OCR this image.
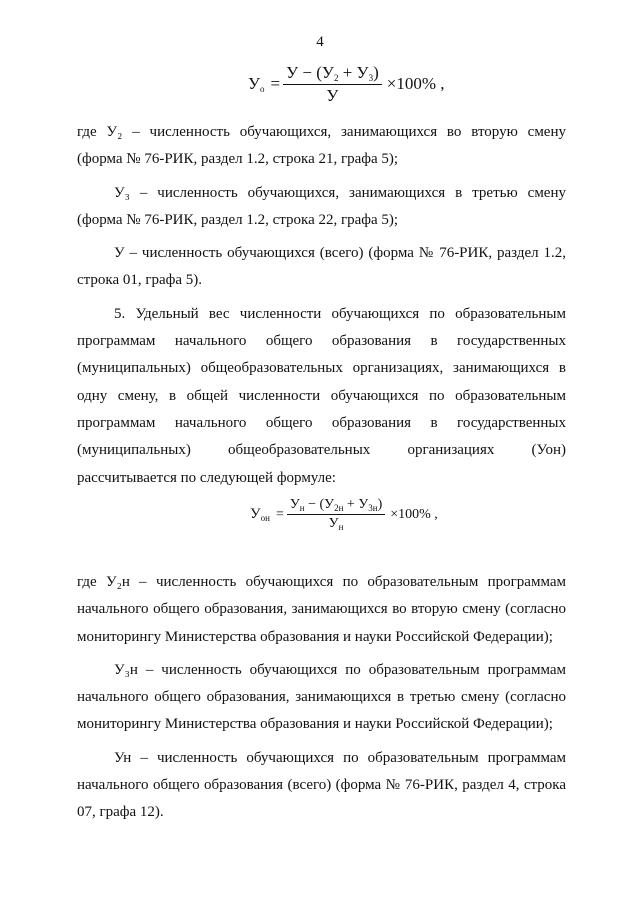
4
$У_о = \frac{У - (У_2 + У_3)}{У} \times 100\%$ ,

где У₂ – численность обучающихся, занимающихся во вторую смену (форма № 76-РИК, раздел 1.2, строка 21, графа 5);

У₃ – численность обучающихся, занимающихся в третью смену (форма № 76-РИК, раздел 1.2, строка 22, графа 5);

У – численность обучающихся (всего) (форма № 76-РИК, раздел 1.2, строка 01, графа 5).

5. Удельный вес численности обучающихся по образовательным программам начального общего образования в государственных (муниципальных) общеобразовательных организациях, занимающихся в одну смену, в общей численности обучающихся по образовательным программам начального общего образования в государственных (муниципальных) общеобразовательных организациях (Уон) рассчитывается по следующей формуле:

$У_{он} = \frac{У_н - (У_{2н} + У_{3н})}{У_н} \times 100\%$ ,

где У₂н – численность обучающихся по образовательным программам начального общего образования, занимающихся во вторую смену (согласно мониторингу Министерства образования и науки Российской Федерации);

У₃н – численность обучающихся по образовательным программам начального общего образования, занимающихся в третью смену (согласно мониторингу Министерства образования и науки Российской Федерации);

Ун – численность обучающихся по образовательным программам начального общего образования (всего) (форма № 76-РИК, раздел 4, строка 07, графа 12).
